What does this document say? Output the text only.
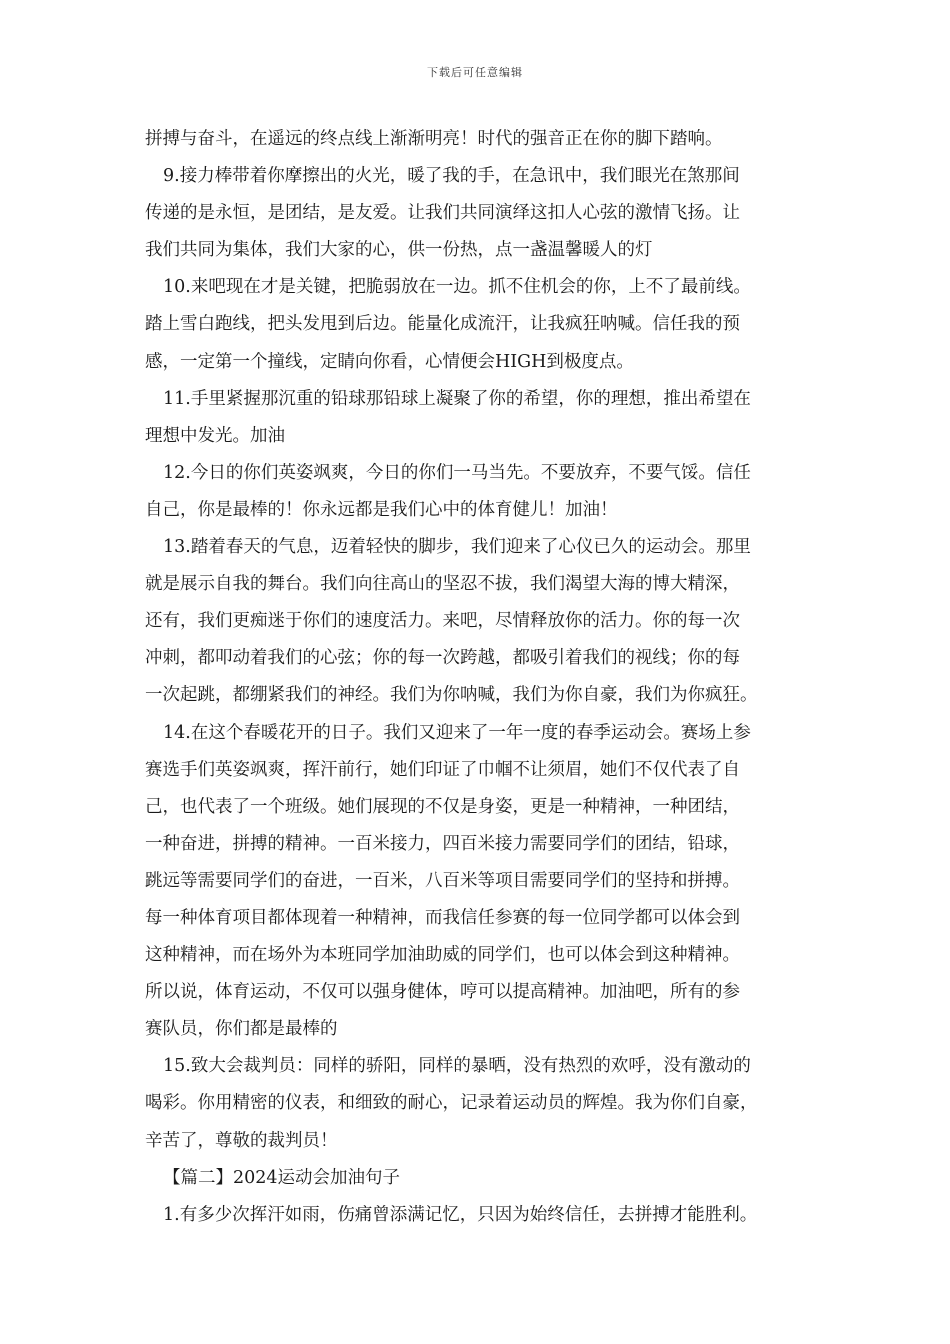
下载后可任意编辑
拼搏与奋斗，在遥远的终点线上渐渐明亮！时代的强音正在你的脚下踏响。
9.接力棒带着你摩擦出的火光，暖了我的手，在急讯中，我们眼光在煞那间
传递的是永恒，是团结，是友爱。让我们共同演绎这扣人心弦的激情飞扬。让
我们共同为集体，我们大家的心，供一份热，点一盏温馨暖人的灯
10.来吧现在才是关键，把脆弱放在一边。抓不住机会的你，上不了最前线。
踏上雪白跑线，把头发甩到后边。能量化成流汗，让我疯狂呐喊。信任我的预
感，一定第一个撞线，定睛向你看，心情便会HIGH到极度点。
11.手里紧握那沉重的铅球那铅球上凝聚了你的希望，你的理想，推出希望在
理想中发光。加油
12.今日的你们英姿飒爽，今日的你们一马当先。不要放弃，不要气馁。信任
自己，你是最棒的！你永远都是我们心中的体育健儿！加油！
13.踏着春天的气息，迈着轻快的脚步，我们迎来了心仪已久的运动会。那里
就是展示自我的舞台。我们向往高山的坚忍不拔，我们渴望大海的博大精深，
还有，我们更痴迷于你们的速度活力。来吧，尽情释放你的活力。你的每一次
冲刺，都叩动着我们的心弦；你的每一次跨越，都吸引着我们的视线；你的每
一次起跳，都绷紧我们的神经。我们为你呐喊，我们为你自豪，我们为你疯狂。
14.在这个春暖花开的日子。我们又迎来了一年一度的春季运动会。赛场上参
赛选手们英姿飒爽，挥汗前行，她们印证了巾帼不让须眉，她们不仅代表了自
己，也代表了一个班级。她们展现的不仅是身姿，更是一种精神，一种团结，
一种奋进，拼搏的精神。一百米接力，四百米接力需要同学们的团结，铅球，
跳远等需要同学们的奋进，一百米，八百米等项目需要同学们的坚持和拼搏。
每一种体育项目都体现着一种精神，而我信任参赛的每一位同学都可以体会到
这种精神，而在场外为本班同学加油助威的同学们，也可以体会到这种精神。
所以说，体育运动，不仅可以强身健体，哼可以提高精神。加油吧，所有的参
赛队员，你们都是最棒的
15.致大会裁判员：同样的骄阳，同样的暴晒，没有热烈的欢呼，没有激动的
喝彩。你用精密的仪表，和细致的耐心，记录着运动员的辉煌。我为你们自豪，
辛苦了，尊敬的裁判员！
【篇二】2024运动会加油句子
1.有多少次挥汗如雨，伤痛曾添满记忆，只因为始终信任，去拼搏才能胜利。
